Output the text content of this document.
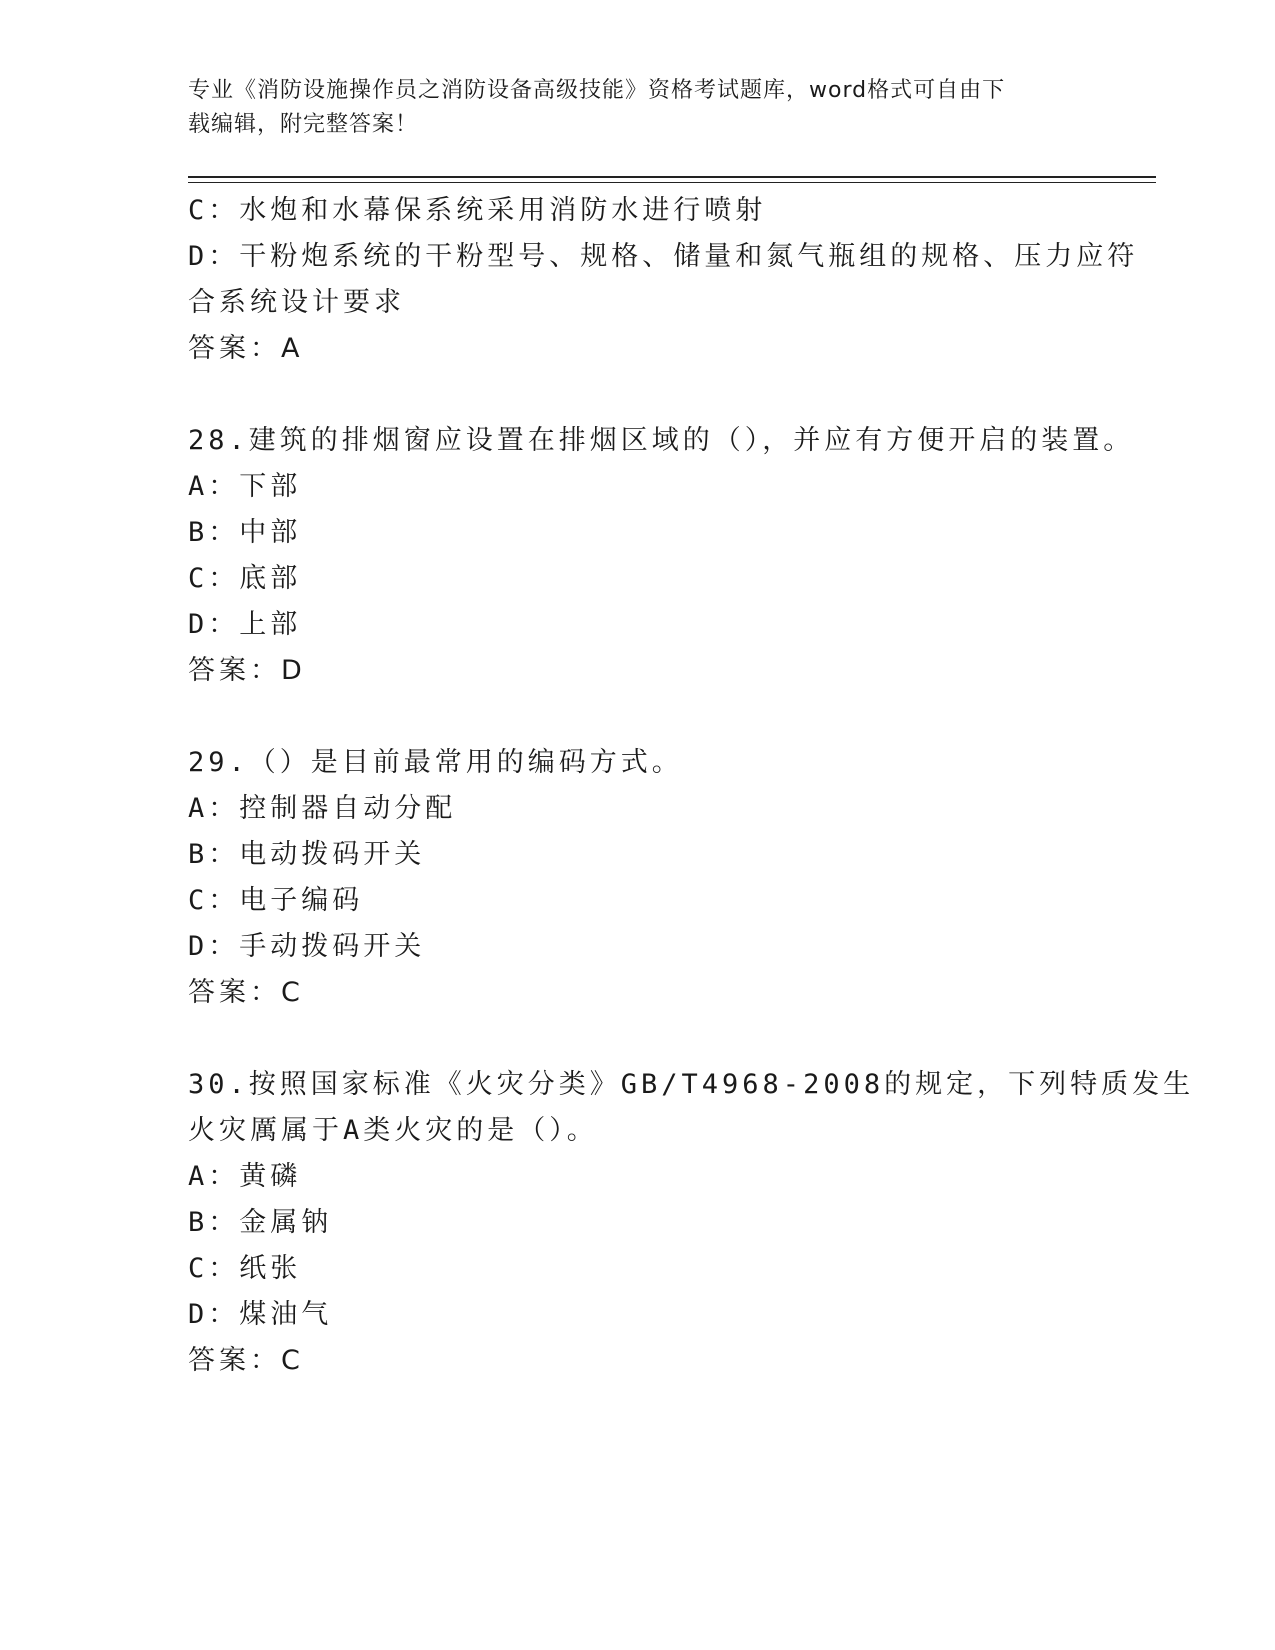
专业《消防设施操作员之消防设备高级技能》资格考试题库，word格式可自由下
载编辑，附完整答案！
C：水炮和水幕保系统采用消防水进行喷射
D：干粉炮系统的干粉型号、规格、储量和氮气瓶组的规格、压力应符
合系统设计要求
答案：A
28.建筑的排烟窗应设置在排烟区域的（），并应有方便开启的装置。
A：下部
B：中部
C：底部
D：上部
答案：D
29.（）是目前最常用的编码方式。
A：控制器自动分配
B：电动拨码开关
C：电子编码
D：手动拨码开关
答案：C
30.按照国家标准《火灾分类》GB/T4968-2008的规定，下列特质发生
火灾厲属于A类火灾的是（）。
A：黄磷
B：金属钠
C：纸张
D：煤油气
答案：C
